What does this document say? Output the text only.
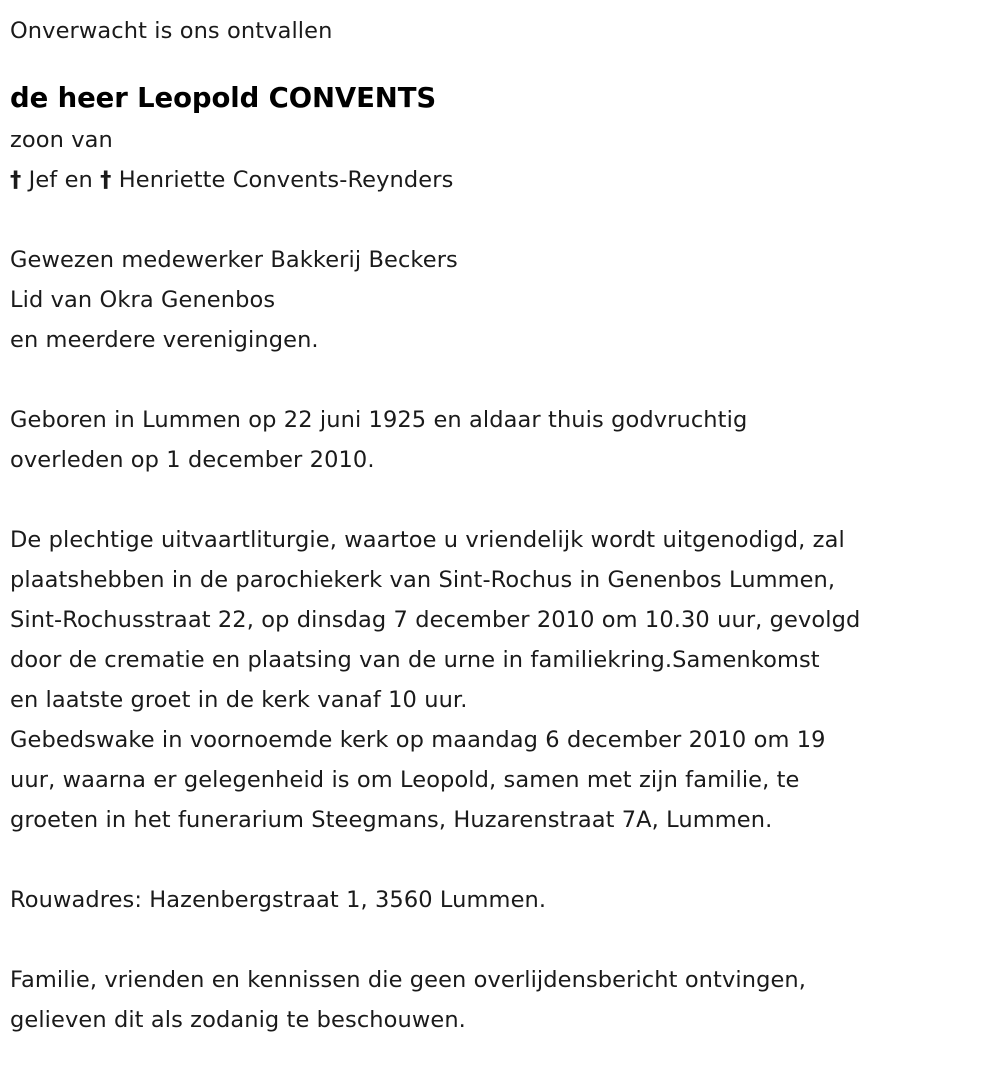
Onverwacht is ons ontvallen
de heer Leopold CONVENTS
zoon van
† Jef en † Henriette Convents-Reynders
Gewezen medewerker Bakkerij Beckers
Lid van Okra Genenbos
en meerdere verenigingen.
Geboren in Lummen op 22 juni 1925 en aldaar thuis godvruchtig
overleden op 1 december 2010.
De plechtige uitvaartliturgie, waartoe u vriendelijk wordt uitgenodigd, zal
plaatshebben in de parochiekerk van Sint-Rochus in Genenbos Lummen,
Sint-Rochusstraat 22, op dinsdag 7 december 2010 om 10.30 uur, gevolgd
door de crematie en plaatsing van de urne in familiekring.Samenkomst
en laatste groet in de kerk vanaf 10 uur.
Gebedswake in voornoemde kerk op maandag 6 december 2010 om 19
uur, waarna er gelegenheid is om Leopold, samen met zijn familie, te
groeten in het funerarium Steegmans, Huzarenstraat 7A, Lummen.
Rouwadres: Hazenbergstraat 1, 3560 Lummen.
Familie, vrienden en kennissen die geen overlijdensbericht ontvingen,
gelieven dit als zodanig te beschouwen.
